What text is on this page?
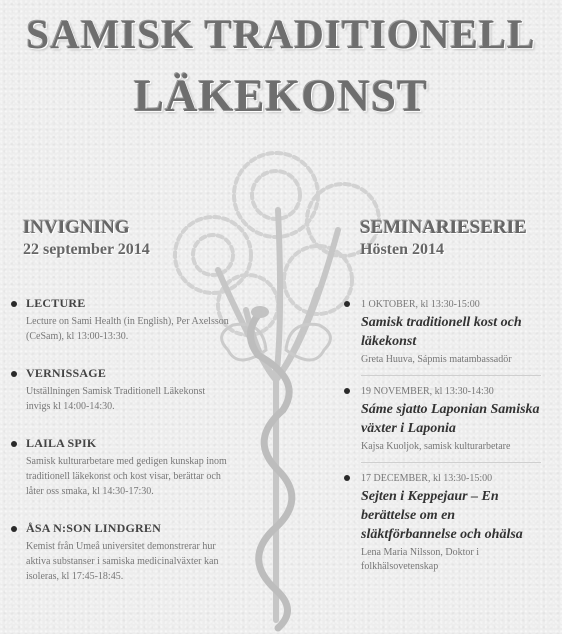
SAMISK TRADITIONELL
LÄKEKONST
INVIGNING
22 september 2014
SEMINARIESERIE
Hösten 2014
LECTURE
Lecture on Sami Health (in English), Per Axelsson (CeSam), kl 13:00-13:30.
VERNISSAGE
Utställningen Samisk Traditionell Läkekonst invigs kl 14:00-14:30.
LAILA SPIK
Samisk kulturarbetare med gedigen kunskap inom traditionell läkekonst och kost visar, berättar och låter oss smaka, kl 14:30-17:30.
ÅSA N:SON LINDGREN
Kemist från Umeå universitet demonstrerar hur aktiva substanser i samiska medicinalväxter kan isoleras, kl 17:45-18:45.
1 OKTOBER, kl 13:30-15:00
Samisk traditionell kost och läkekonst
Greta Huuva, Sápmis matambassadör
19 NOVEMBER, kl 13:30-14:30
Sáme sjatto Laponian Samiska växter i Laponia
Kajsa Kuoljok, samisk kulturarbetare
17 DECEMBER, kl 13:30-15:00
Sejten i Keppejaur – En berättelse om en släktförbannelse och ohälsa
Lena Maria Nilsson, Doktor i folkhälsovetenskap
